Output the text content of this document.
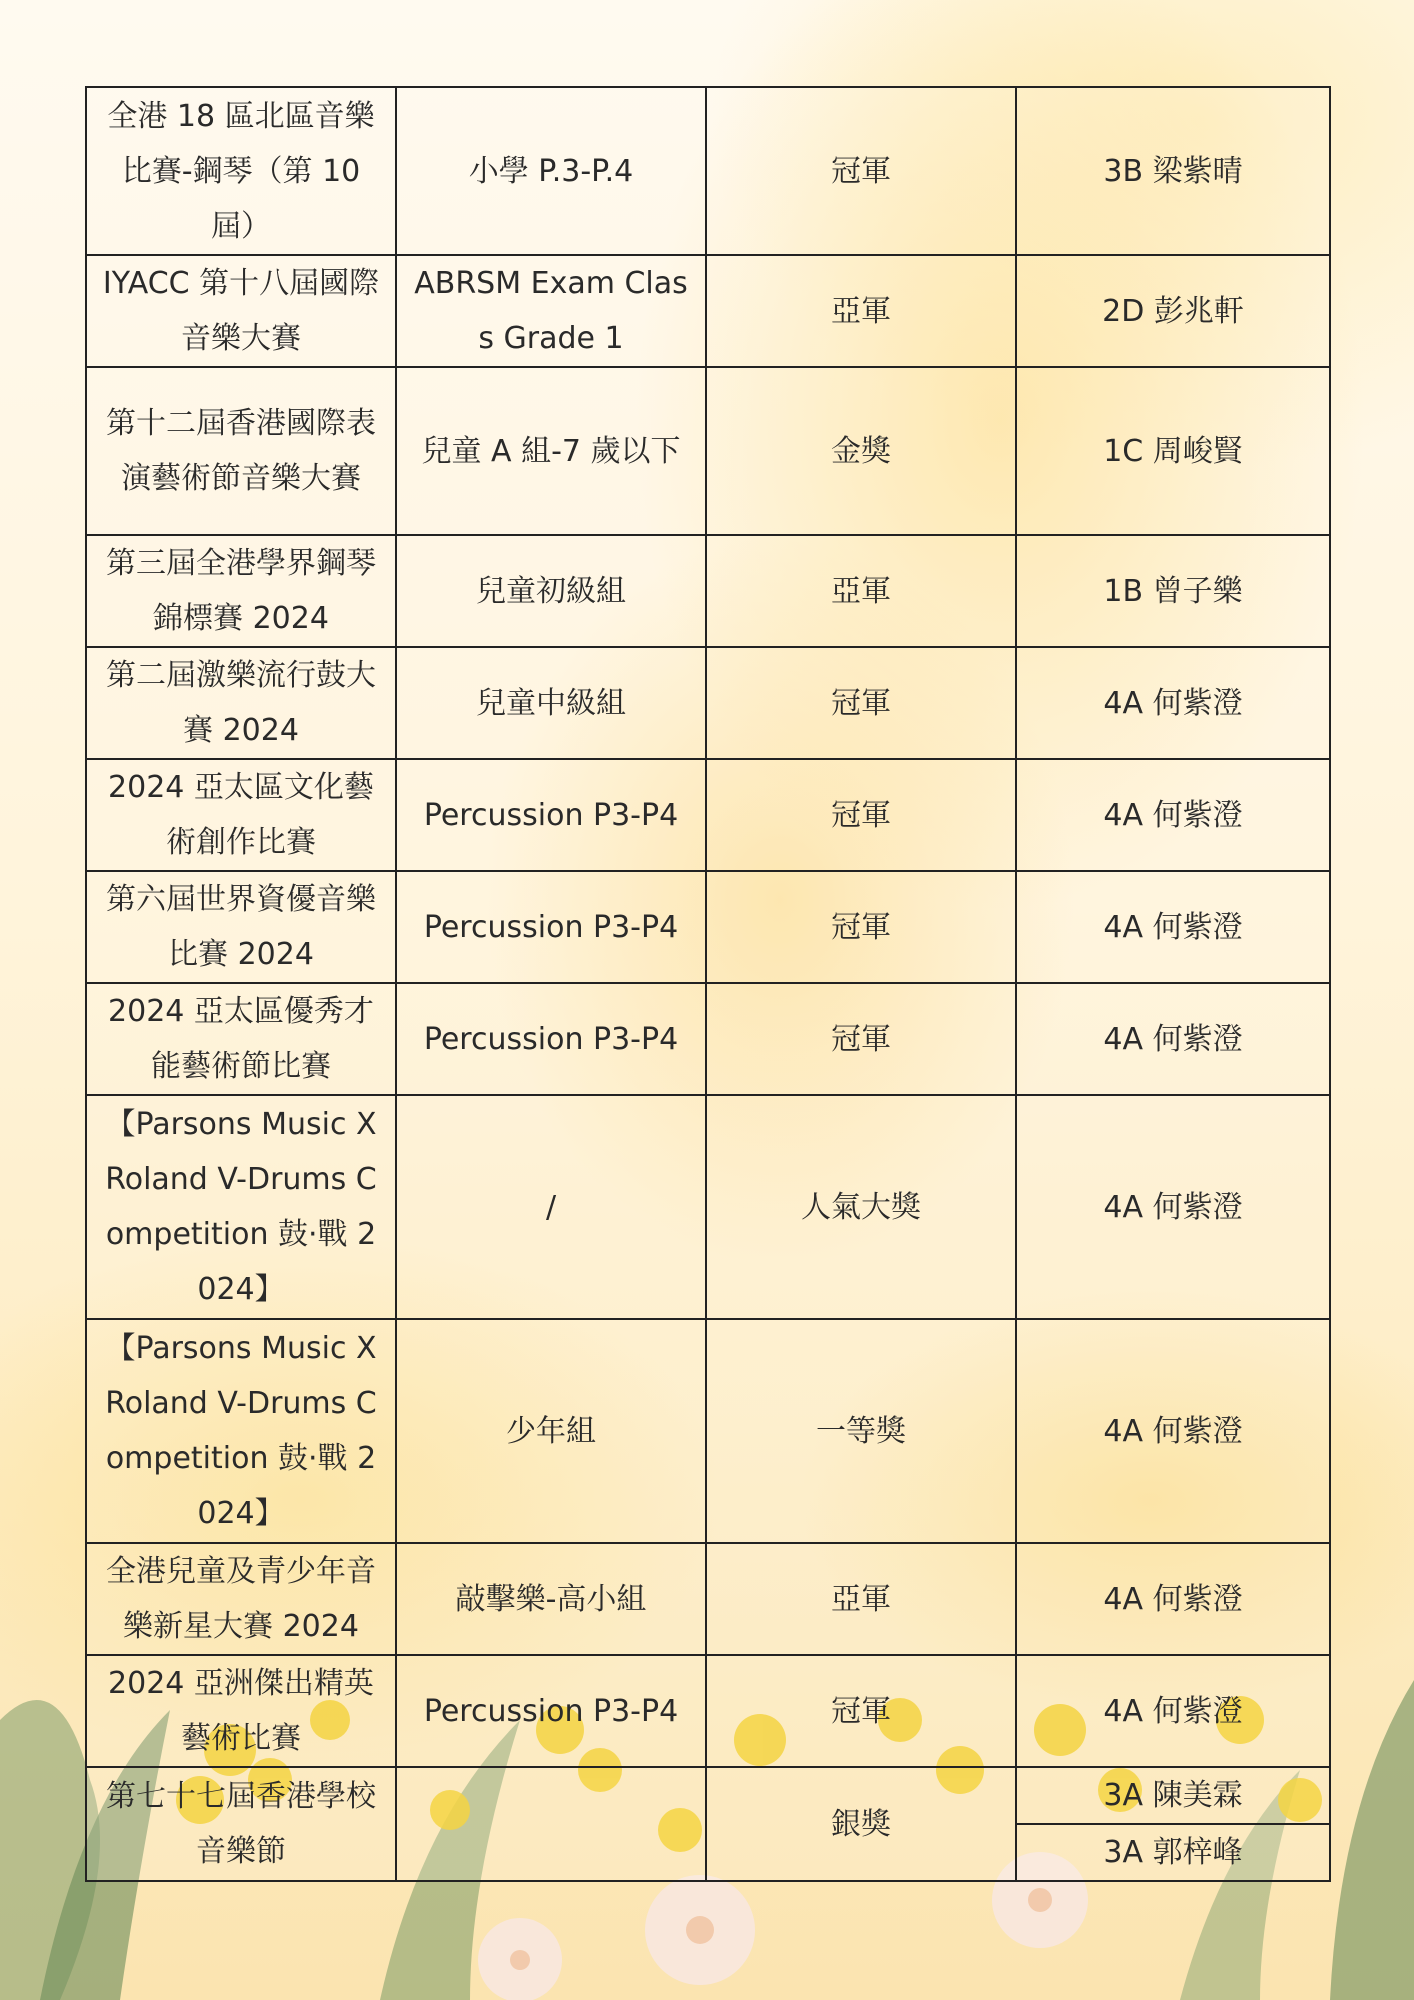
全港 18 區北區音樂比賽-鋼琴（第 10 屆）	小學 P.3-P.4	冠軍	3B 梁紫晴
IYACC 第十八屆國際音樂大賽	ABRSM Exam Class Grade 1	亞軍	2D 彭兆軒
第十二屆香港國際表演藝術節音樂大賽	兒童 A 組-7 歲以下	金獎	1C 周峻賢
第三屆全港學界鋼琴錦標賽 2024	兒童初級組	亞軍	1B 曾子樂
第二屆激樂流行鼓大賽 2024	兒童中級組	冠軍	4A 何紫澄
2024 亞太區文化藝術創作比賽	Percussion P3-P4	冠軍	4A 何紫澄
第六屆世界資優音樂比賽 2024	Percussion P3-P4	冠軍	4A 何紫澄
2024 亞太區優秀才能藝術節比賽	Percussion P3-P4	冠軍	4A 何紫澄
【Parsons Music X Roland V-Drums Competition 鼓·戰 2024】	/	人氣大獎	4A 何紫澄
【Parsons Music X Roland V-Drums Competition 鼓·戰 2024】	少年組	一等獎	4A 何紫澄
全港兒童及青少年音樂新星大賽 2024	敲擊樂-高小組	亞軍	4A 何紫澄
2024 亞洲傑出精英藝術比賽	Percussion P3-P4	冠軍	4A 何紫澄
第七十七屆香港學校音樂節		銀獎	3A 陳美霖
			3A 郭梓峰
